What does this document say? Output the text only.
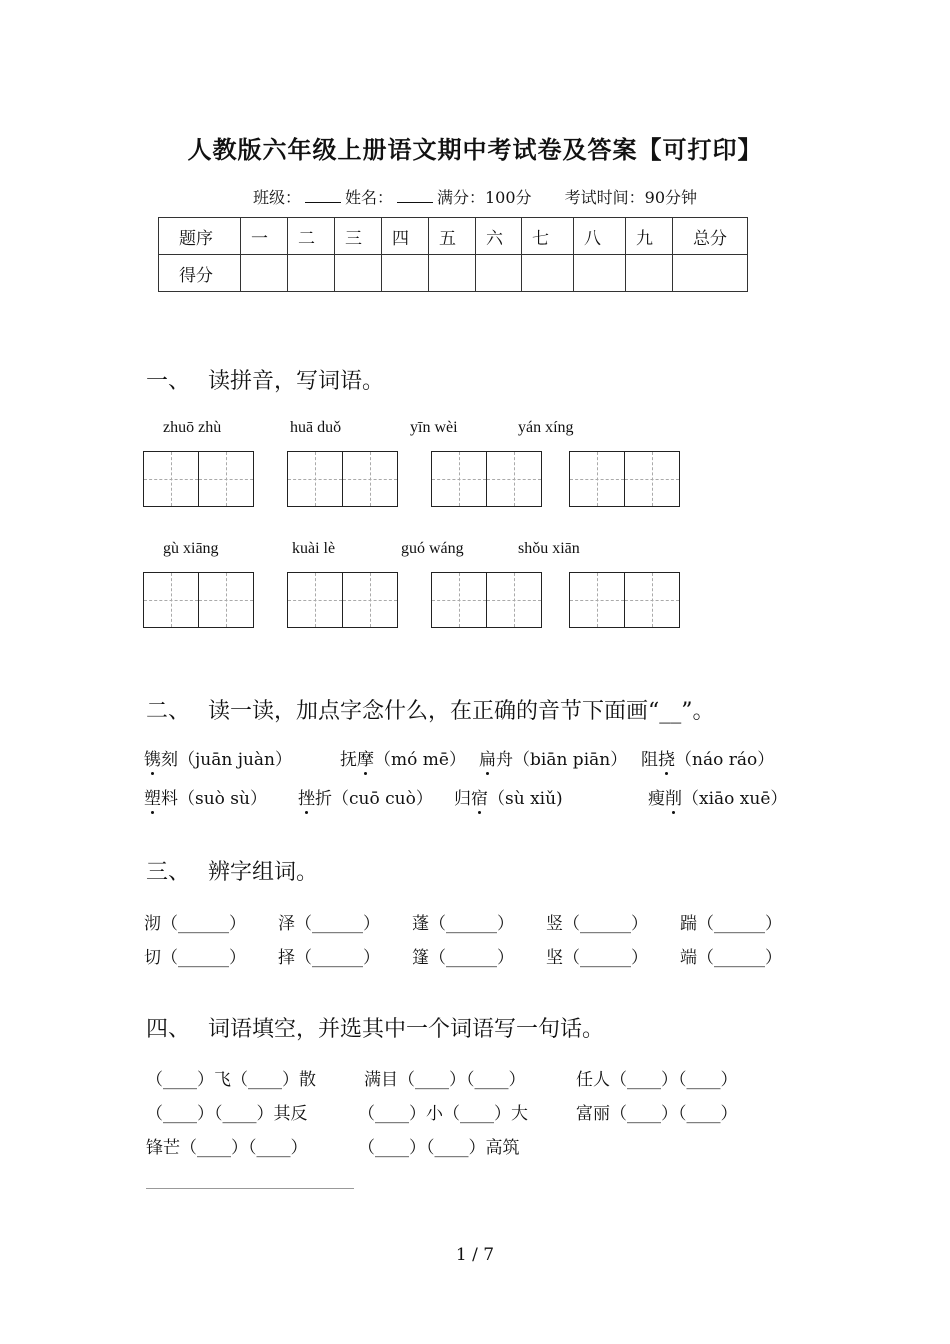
人教版六年级上册语文期中考试卷及答案【可打印】
班级：	姓名：	满分：100分 考试时间：90分钟
题序	一	二	三	四	五	六	七	八	九	总分
得分										
一、 读拼音，写词语。
zhuō zhù	huā duǒ	yīn wèi	yán xíng
gù xiāng	kuài lè	guó wáng	shǒu xiān
二、 读一读，加点字念什么，在正确的音节下面画“__”。
镌刻（juān juàn）	抚摩（mó mē） 扁舟（biān piān） 阻挠（náo ráo）
塑料（suò sù） 挫折（cuō cuò） 归宿（sù xiǔ)	瘦削（xiāo xuē）
三、 辨字组词。
沏（______） 泽（______） 蓬（______） 竖（______） 踹（______）
切（______） 择（______） 篷（______） 坚（______） 端（______）
四、 词语填空，并选其中一个词语写一句话。
（____）飞（____）散	满目（____）（____）	任人（____）（____）
（____）（____）其反	（____）小（____）大	富丽（____）（____）
锋芒（____）（____）	（____）（____）高筑
1 / 7
